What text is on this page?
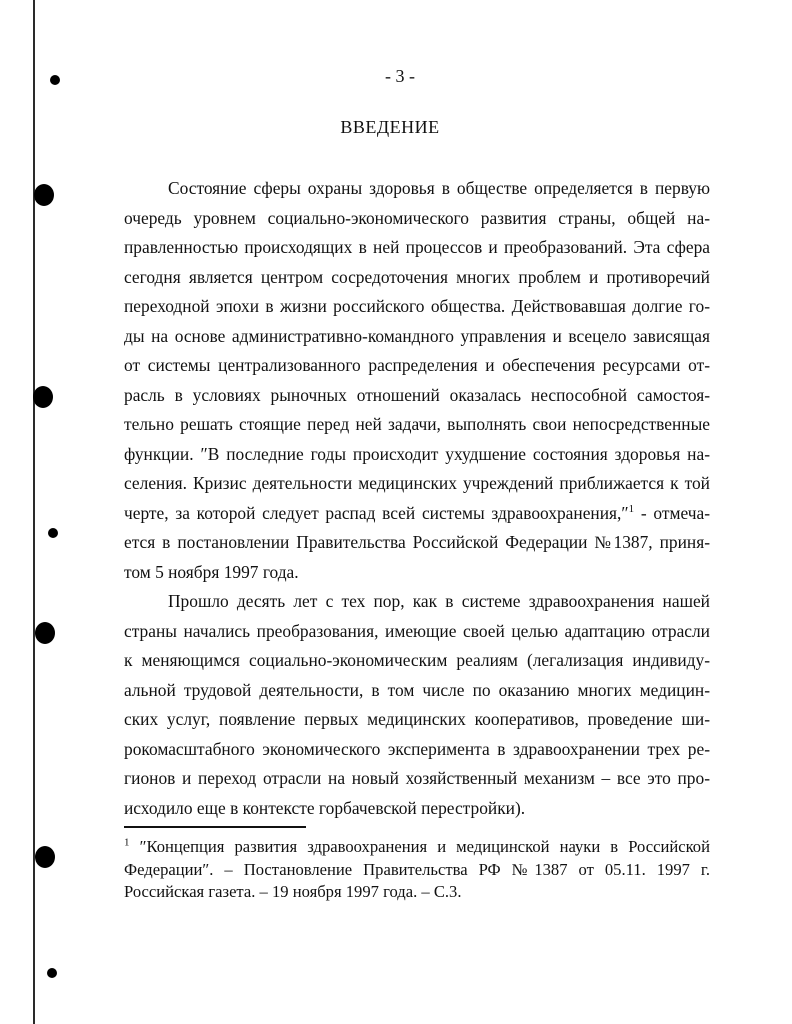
- 3 -
ВВЕДЕНИЕ
Состояние сферы охраны здоровья в обществе определяется в первую
очередь уровнем социально-экономического развития страны, общей на-
правленностью происходящих в ней процессов и преобразований. Эта сфера
сегодня является центром сосредоточения многих проблем и противоречий
переходной эпохи в жизни российского общества. Действовавшая долгие го-
ды на основе административно-командного управления и всецело зависящая
от системы централизованного распределения и обеспечения ресурсами от-
расль в условиях рыночных отношений оказалась неспособной самостоя-
тельно решать стоящие перед ней задачи, выполнять свои непосредственные
функции. ″В последние годы происходит ухудшение состояния здоровья на-
селения. Кризис деятельности медицинских учреждений приближается к той
черте, за которой следует распад всей системы здравоохранения,″$^1$ - отмеча-
ется в постановлении Правительства Российской Федерации №1387, приня-
том 5 ноября 1997 года.
Прошло десять лет с тех пор, как в системе здравоохранения нашей
страны начались преобразования, имеющие своей целью адаптацию отрасли
к меняющимся социально-экономическим реалиям (легализация индивиду-
альной трудовой деятельности, в том числе по оказанию многих медицин-
ских услуг, появление первых медицинских кооперативов, проведение ши-
рокомасштабного экономического эксперимента в здравоохранении трех ре-
гионов и переход отрасли на новый хозяйственный механизм – все это про-
исходило еще в контексте горбачевской перестройки).
$^1$ ″Концепция развития здравоохранения и медицинской науки в Российской
Федерации″. – Постановление Правительства РФ №1387 от 05.11. 1997 г.
Российская газета. – 19 ноября 1997 года. – С.3.
